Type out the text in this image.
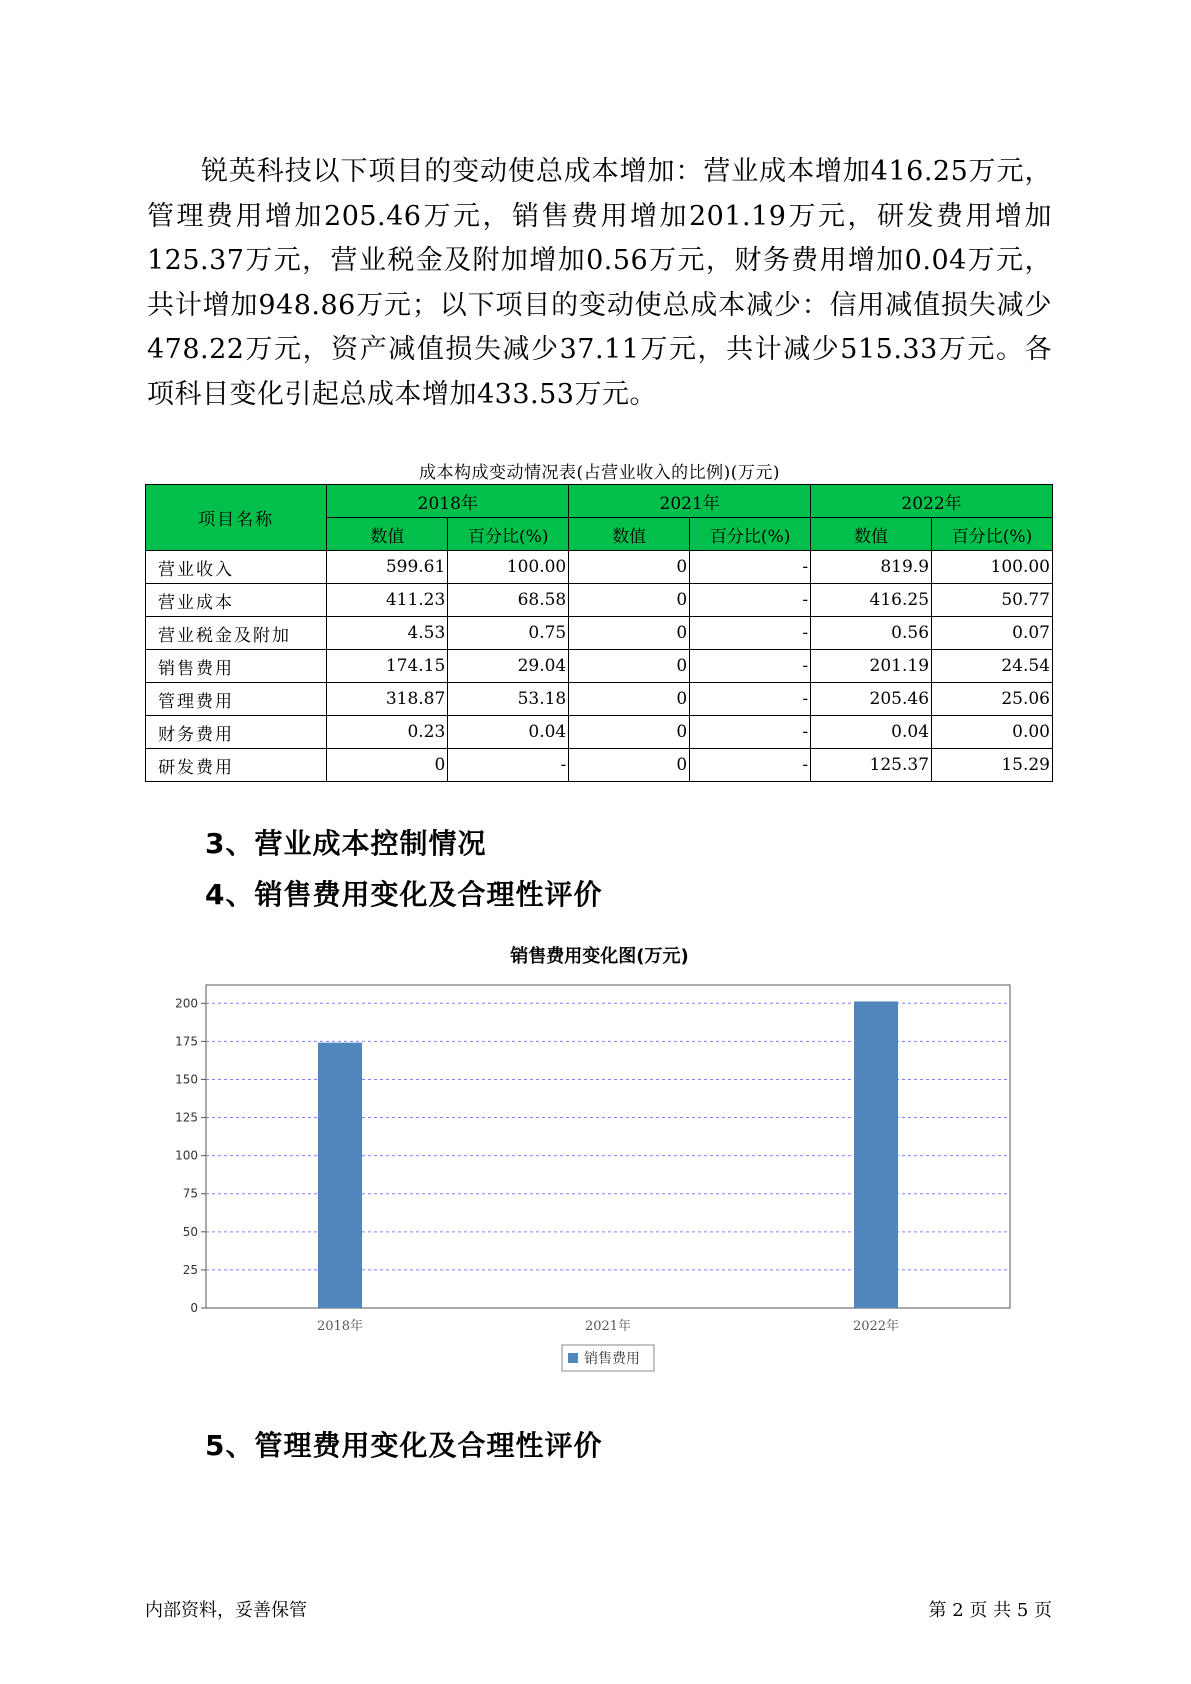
锐英科技以下项目的变动使总成本增加：营业成本增加416.25万元，管理费用增加205.46万元，销售费用增加201.19万元，研发费用增加125.37万元，营业税金及附加增加0.56万元，财务费用增加0.04万元，共计增加948.86万元；以下项目的变动使总成本减少：信用减值损失减少478.22万元，资产减值损失减少37.11万元，共计减少515.33万元。各项科目变化引起总成本增加433.53万元。

成本构成变动情况表(占营业收入的比例)(万元)
项目名称	2018年		2021年		2022年	
	数值	百分比(%)	数值	百分比(%)	数值	百分比(%)
营业收入	599.61	100.00	0	-	819.9	100.00
营业成本	411.23	68.58	0	-	416.25	50.77
营业税金及附加	4.53	0.75	0	-	0.56	0.07
销售费用	174.15	29.04	0	-	201.19	24.54
管理费用	318.87	53.18	0	-	205.46	25.06
财务费用	0.23	0.04	0	-	0.04	0.00
研发费用	0	-	0	-	125.37	15.29
3、营业成本控制情况
4、销售费用变化及合理性评价
销售费用变化图(万元)
0
25
50
75
100
125
150
175
200
2018年	2021年	2022年
销售费用
5、管理费用变化及合理性评价
内部资料，妥善保管	第 2 页 共 5 页
